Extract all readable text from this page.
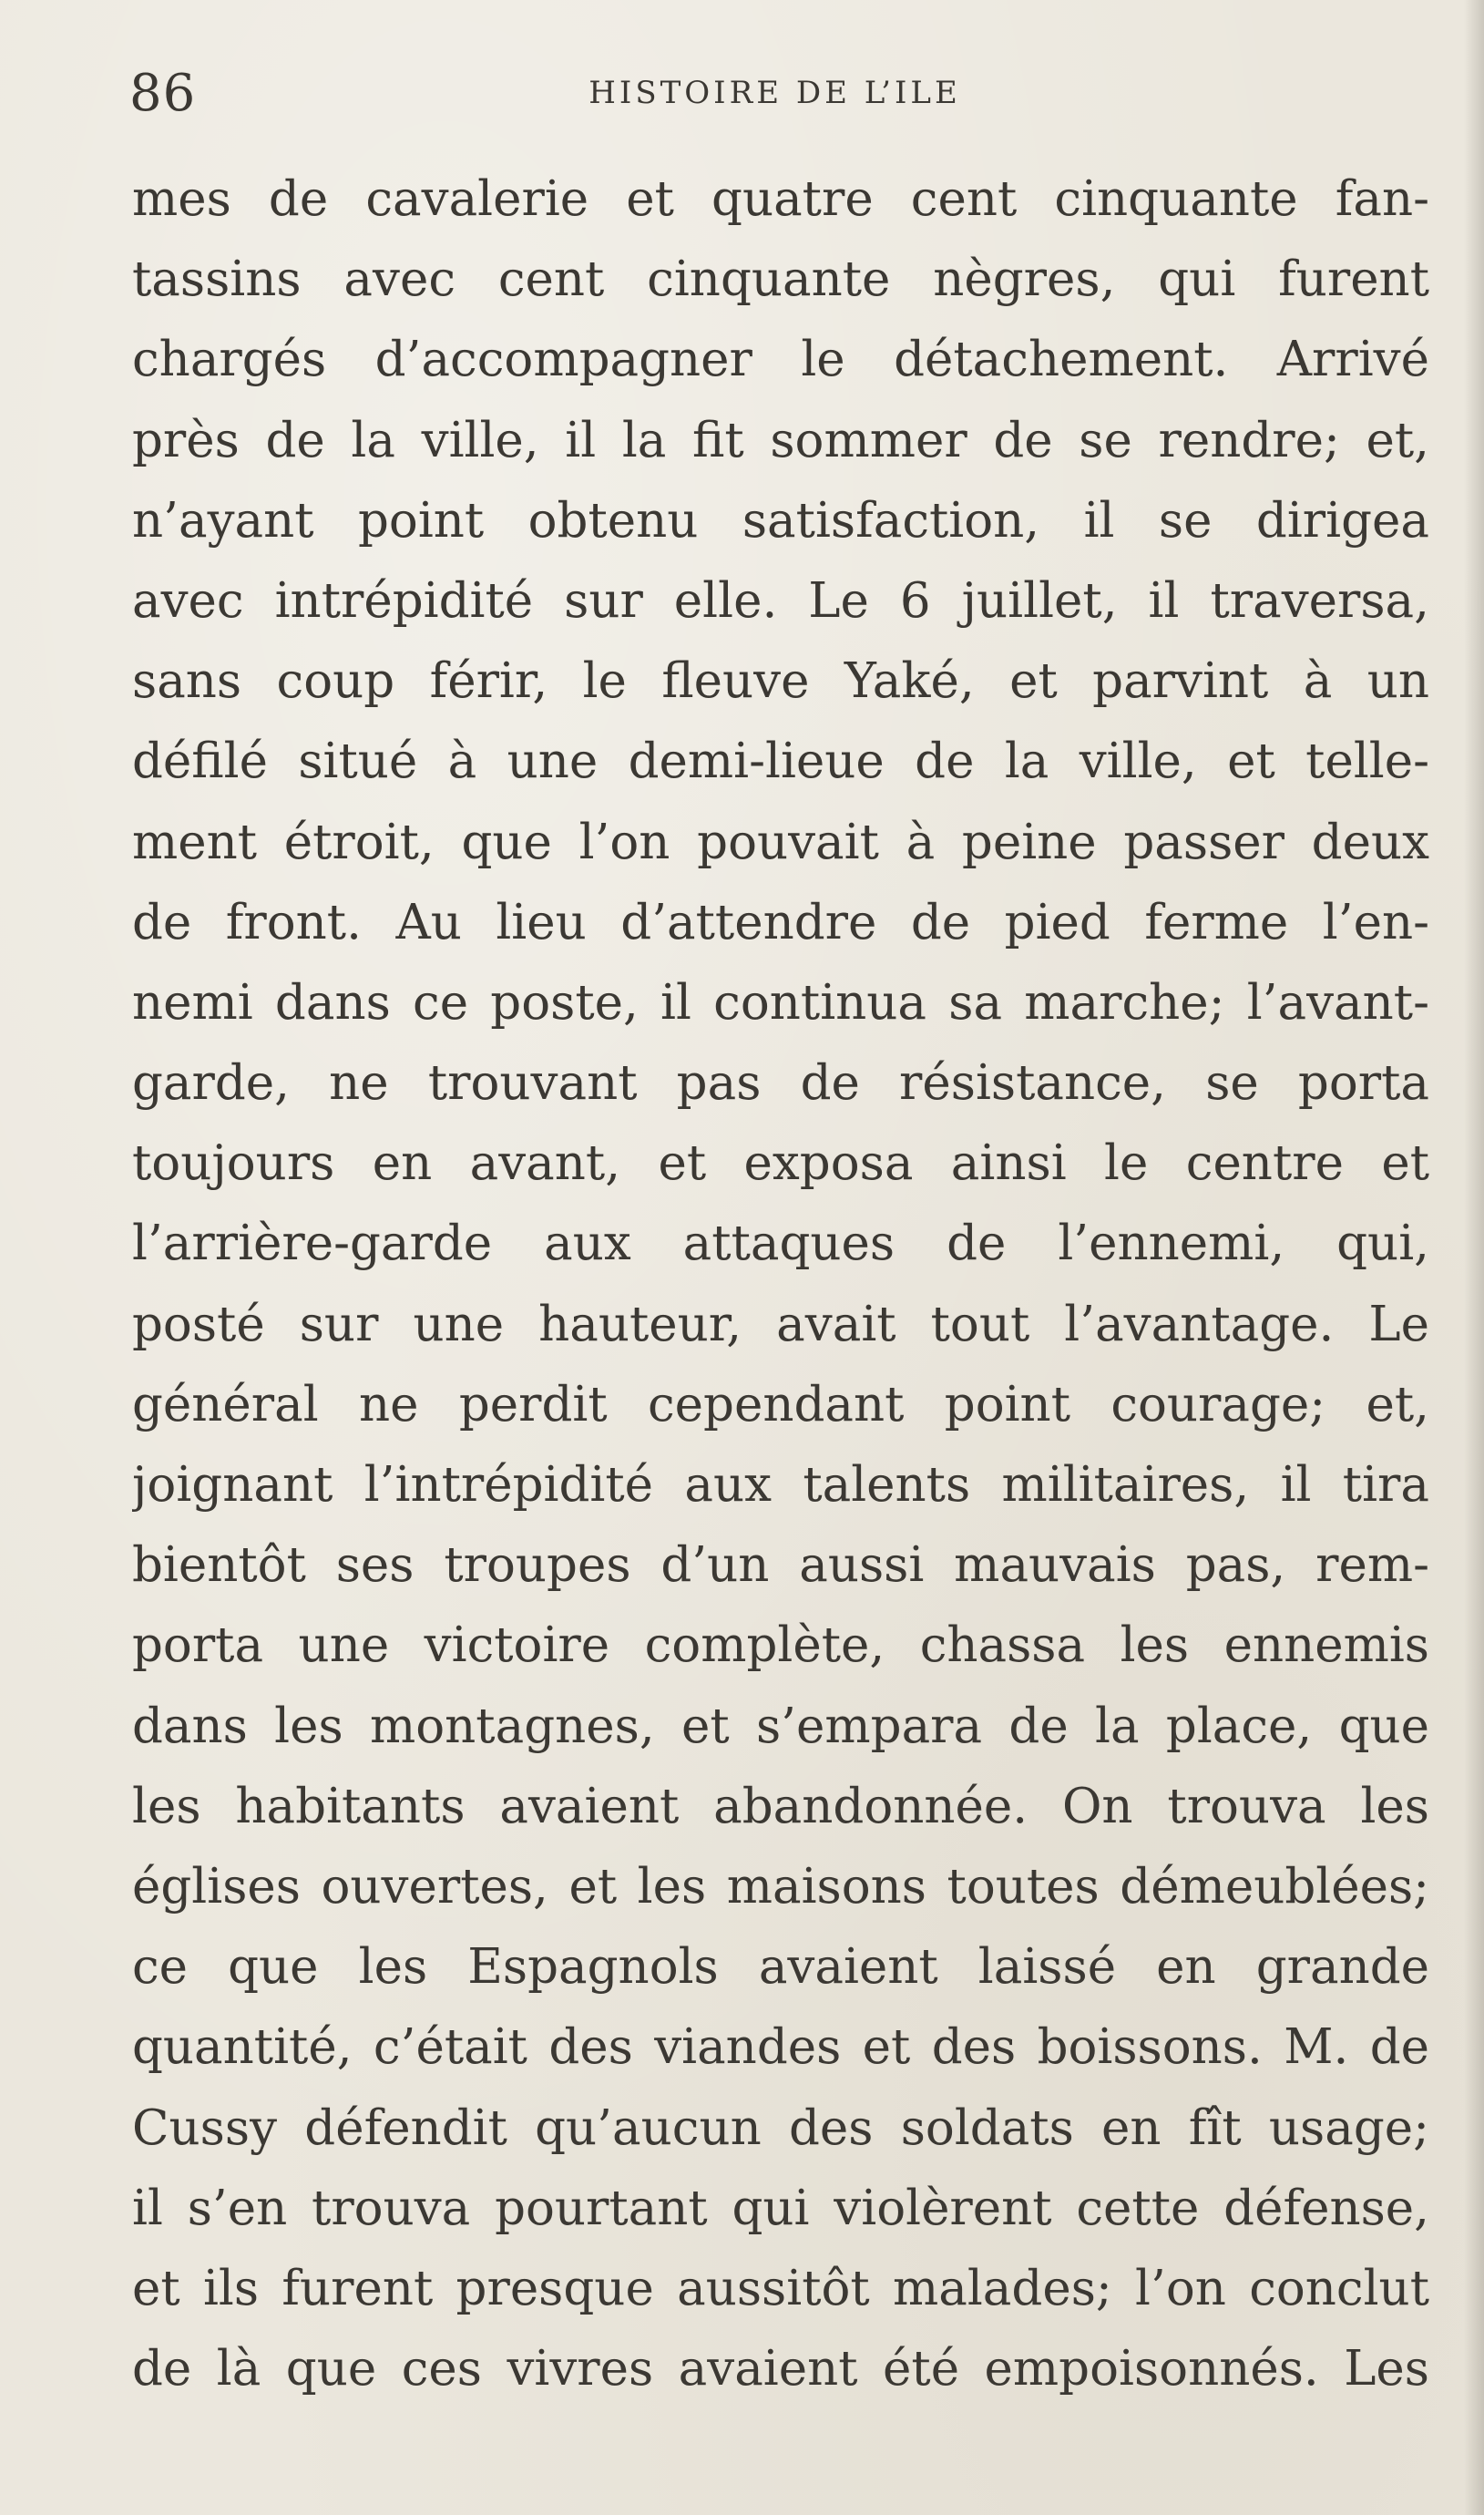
86	HISTOIRE DE L’ILE
mes de cavalerie et quatre cent cinquante fan-
tassins avec cent cinquante nègres, qui furent
chargés d’accompagner le détachement. Arrivé
près de la ville, il la fit sommer de se rendre; et,
n’ayant point obtenu satisfaction, il se dirigea
avec intrépidité sur elle. Le 6 juillet, il traversa,
sans coup férir, le fleuve Yaké, et parvint à un
défilé situé à une demi-lieue de la ville, et telle-
ment étroit, que l’on pouvait à peine passer deux
de front. Au lieu d’attendre de pied ferme l’en-
nemi dans ce poste, il continua sa marche; l’avant-
garde, ne trouvant pas de résistance, se porta
toujours en avant, et exposa ainsi le centre et
l’arrière-garde aux attaques de l’ennemi, qui,
posté sur une hauteur, avait tout l’avantage. Le
général ne perdit cependant point courage; et,
joignant l’intrépidité aux talents militaires, il tira
bientôt ses troupes d’un aussi mauvais pas, rem-
porta une victoire complète, chassa les ennemis
dans les montagnes, et s’empara de la place, que
les habitants avaient abandonnée. On trouva les
églises ouvertes, et les maisons toutes démeublées;
ce que les Espagnols avaient laissé en grande
quantité, c’était des viandes et des boissons. M. de
Cussy défendit qu’aucun des soldats en fît usage;
il s’en trouva pourtant qui violèrent cette défense,
et ils furent presque aussitôt malades; l’on conclut
de là que ces vivres avaient été empoisonnés. Les
